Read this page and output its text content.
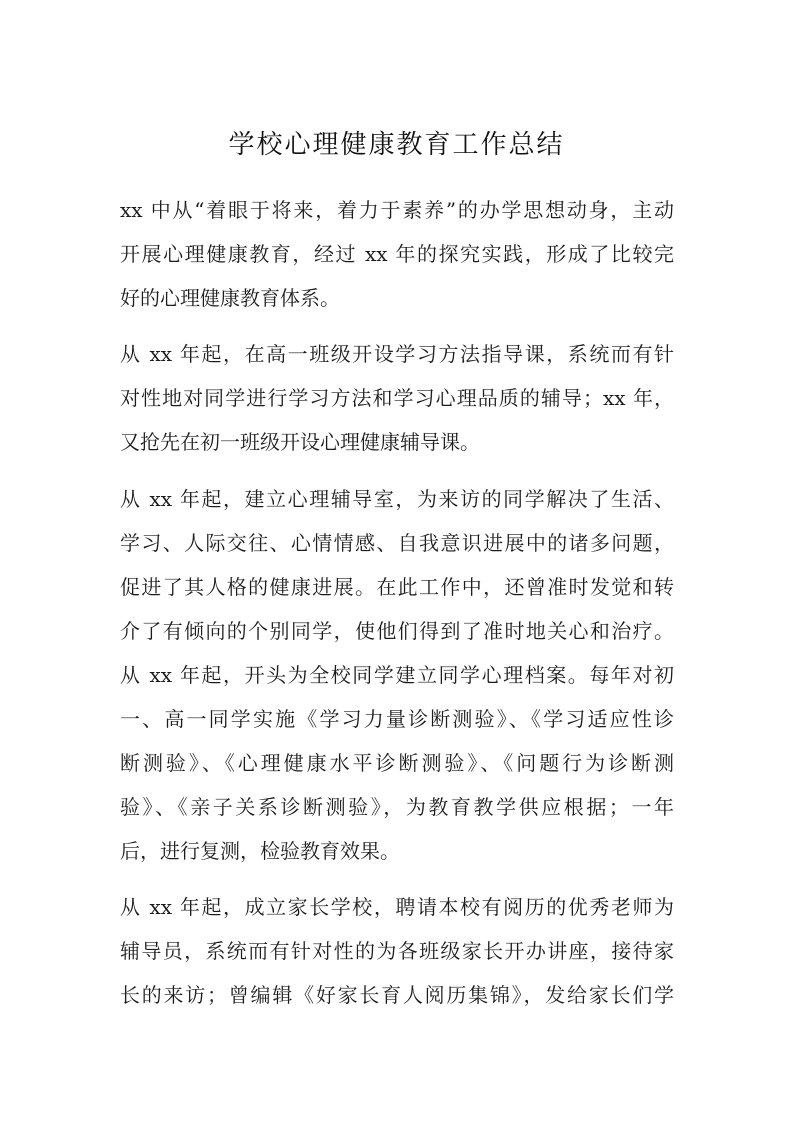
学校心理健康教育工作总结
xx 中从“着眼于将来，着力于素养”的办学思想动身，主动
开展心理健康教育，经过 xx 年的探究实践，形成了比较完
好的心理健康教育体系。
从 xx 年起，在高一班级开设学习方法指导课，系统而有针
对性地对同学进行学习方法和学习心理品质的辅导；xx 年，
又抢先在初一班级开设心理健康辅导课。
从 xx 年起，建立心理辅导室，为来访的同学解决了生活、
学习、人际交往、心情情感、自我意识进展中的诸多问题，
促进了其人格的健康进展。在此工作中，还曾准时发觉和转
介了有倾向的个别同学，使他们得到了准时地关心和治疗。
从 xx 年起，开头为全校同学建立同学心理档案。每年对初
一、高一同学实施《学习力量诊断测验》、《学习适应性诊
断测验》、《心理健康水平诊断测验》、《问题行为诊断测
验》、《亲子关系诊断测验》，为教育教学供应根据；一年
后，进行复测，检验教育效果。
从 xx 年起，成立家长学校，聘请本校有阅历的优秀老师为
辅导员，系统而有针对性的为各班级家长开办讲座，接待家
长的来访；曾编辑《好家长育人阅历集锦》，发给家长们学
